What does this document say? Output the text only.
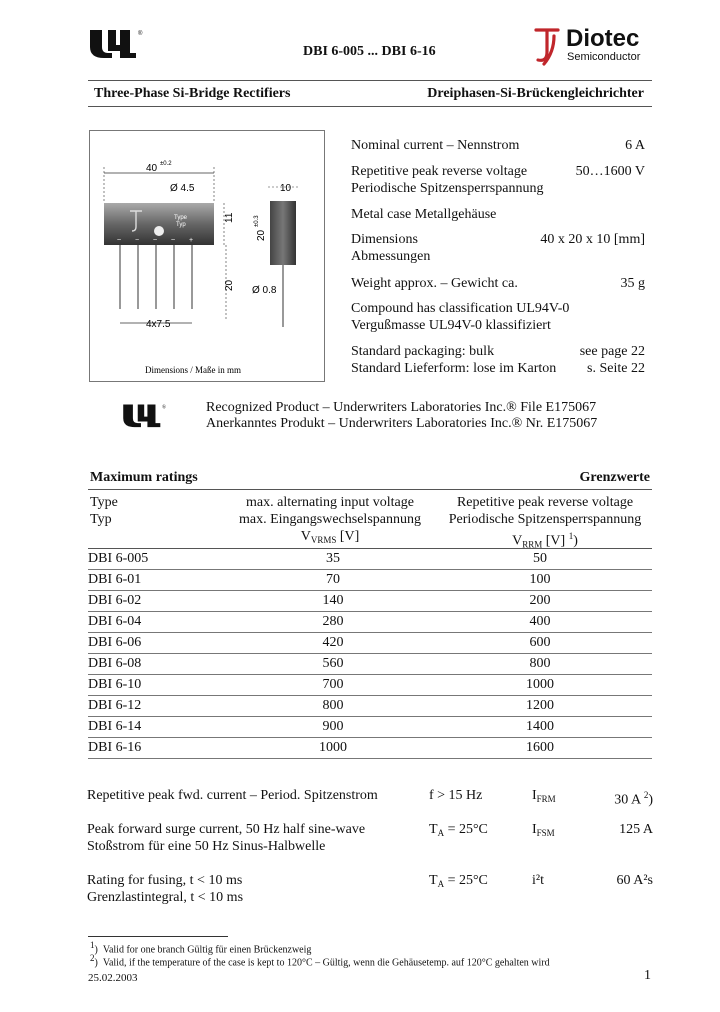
®
DBI 6-005 ... DBI 6-16	Diotec
Semiconductor
Three-Phase Si-Bridge Rectifiers	Dreiphasen-Si-Brückengleichrichter
40 ±0.2
Ø 4.5
Type
Typ
~ − ~ ~ +
11
20
4x7.5
10
20
±0.3
Ø 0.8
Dimensions / Maße in mm
Nominal current – Nennstrom	6 A
Repetitive peak reverse voltage	50…1600 V
Periodische Spitzensperrspannung
Metal case Metallgehäuse
Dimensions	40 x 20 x 10 [mm]
Abmessungen
Weight approx. – Gewicht ca.	35 g
Compound has classification UL94V-0
Vergußmasse UL94V-0 klassifiziert
Standard packaging: bulk	see page 22
Standard Lieferform: lose im Karton s. Seite 22
®	Recognized Product – Underwriters Laboratories Inc.® File E175067
Anerkanntes Produkt – Underwriters Laboratories Inc.® Nr. E175067
Maximum ratings	Grenzwerte
Type
Typ
max. alternating input voltage
max. Eingangswechselspannung
$V_{VRMS}$ [V]
Repetitive peak reverse voltage
Periodische Spitzensperrspannung
$V_{RRM}$ [V] $^1$)
DBI 6-005	35	50
DBI 6-01	70	100
DBI 6-02	140	200
DBI 6-04	280	400
DBI 6-06	420	600
DBI 6-08	560	800
DBI 6-10	700	1000
DBI 6-12	800	1200
DBI 6-14	900	1400
DBI 6-16	1000	1600
Repetitive peak fwd. current – Period. Spitzenstrom	f > 15 Hz	$I_{FRM}$	30 A $^2$)
Peak forward surge current, 50 Hz half sine-wave
Stoßstrom für eine 50 Hz Sinus-Halbwelle
$T_A = 25^\circ C$	$I_{FSM}$	125 A
Rating for fusing, t < 10 ms
Grenzlastintegral, t < 10 ms
$T_A = 25^\circ C$	i²t	60 A²s
$^1$)  Valid for one branch Gültig für einen Brückenzweig
$^2$)  Valid, if the temperature of the case is kept to 120°C – Gültig, wenn die Gehäusetemp. auf 120°C gehalten wird
25.02.2003	1
